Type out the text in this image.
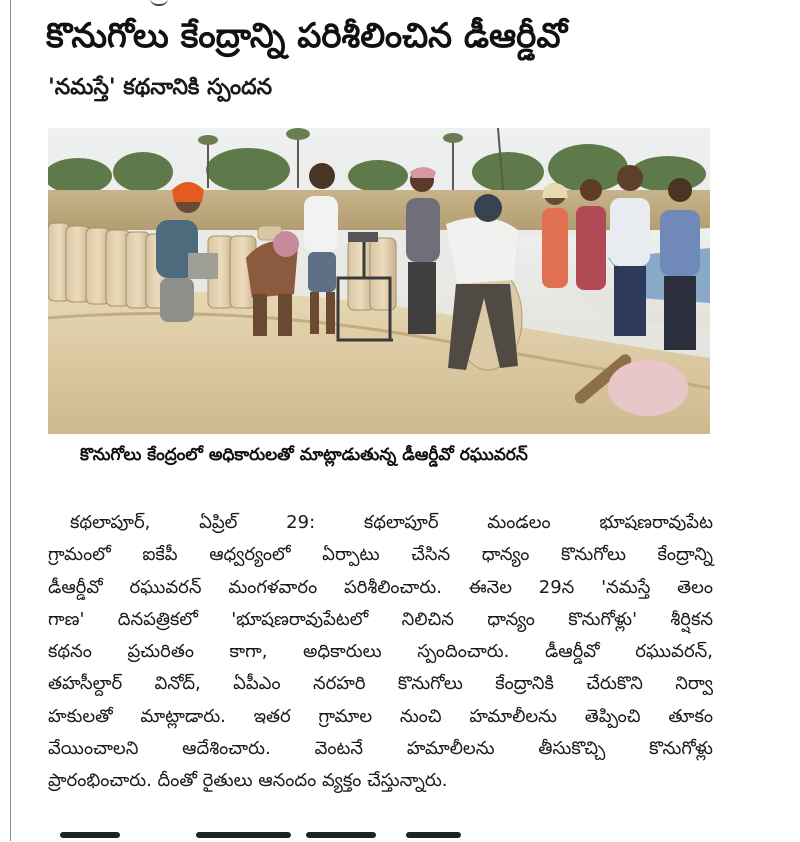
కొనుగోలు కేంద్రాన్ని పరిశీలించిన డీఆర్డీవో
'నమస్తే' కథనానికి స్పందన
కొనుగోలు కేంద్రంలో అధికారులతో మాట్లాడుతున్న డీఆర్డీవో రఘువరన్
కథలాపూర్, ఏప్రిల్ 29: కథలాపూర్ మండలం భూషణరావుపేట
గ్రామంలో ఐకేపీ ఆధ్వర్యంలో ఏర్పాటు చేసిన ధాన్యం కొనుగోలు కేంద్రాన్ని
డీఆర్డీవో రఘువరన్ మంగళవారం పరిశీలించారు. ఈనెల 29న 'నమస్తే తెలం
గాణ' దినపత్రికలో 'భూషణరావుపేటలో నిలిచిన ధాన్యం కొనుగోళ్లు' శీర్షికన
కథనం ప్రచురితం కాగా, అధికారులు స్పందించారు. డీఆర్డీవో రఘువరన్,
తహసీల్దార్ వినోద్, ఏపీఎం నరహరి కొనుగోలు కేంద్రానికి చేరుకొని నిర్వా
హకులతో మాట్లాడారు. ఇతర గ్రామాల నుంచి హమాలీలను తెప్పించి తూకం
వేయించాలని ఆదేశించారు. వెంటనే హమాలీలను తీసుకొచ్చి కొనుగోళ్లు
ప్రారంభించారు. దీంతో రైతులు ఆనందం వ్యక్తం చేస్తున్నారు.
